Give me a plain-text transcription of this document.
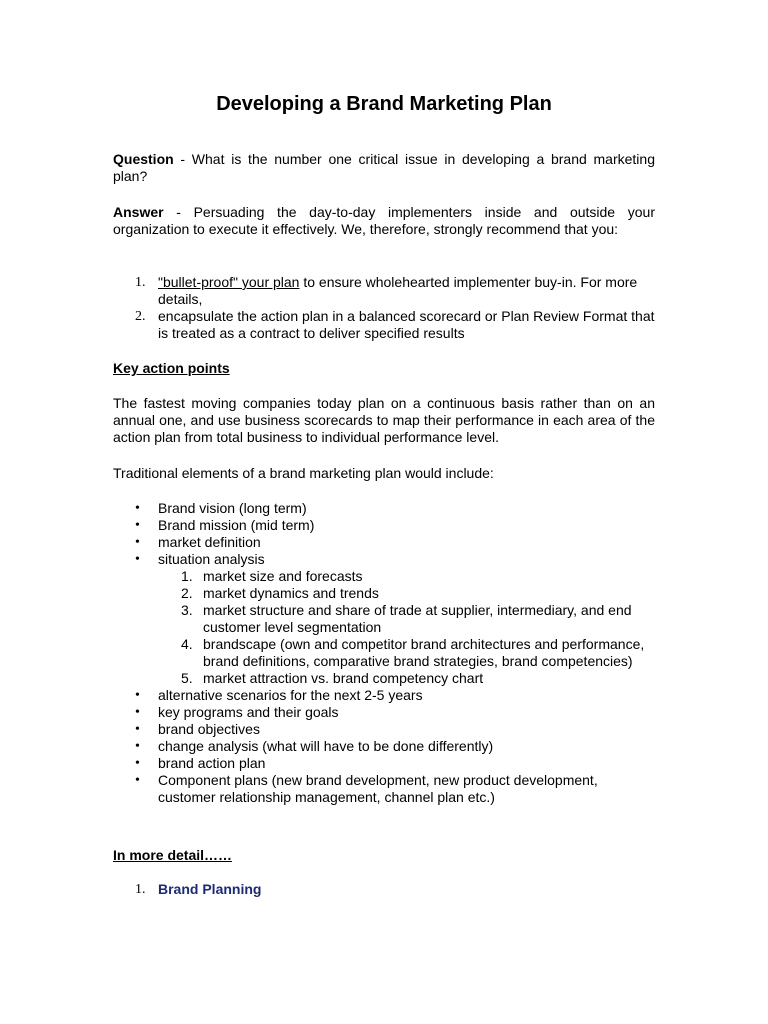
Developing a Brand Marketing Plan

Question - What is the number one critical issue in developing a brand marketing plan?

Answer - Persuading the day-to-day implementers inside and outside your organization to execute it effectively. We, therefore, strongly recommend that you:

1. "bullet-proof" your plan to ensure wholehearted implementer buy-in. For more details,
2. encapsulate the action plan in a balanced scorecard or Plan Review Format that is treated as a contract to deliver specified results

Key action points

The fastest moving companies today plan on a continuous basis rather than on an annual one, and use business scorecards to map their performance in each area of the action plan from total business to individual performance level.

Traditional elements of a brand marketing plan would include:

• Brand vision (long term)
• Brand mission (mid term)
• market definition
• situation analysis
1. market size and forecasts
2. market dynamics and trends
3. market structure and share of trade at supplier, intermediary, and end customer level segmentation
4. brandscape (own and competitor brand architectures and performance, brand definitions, comparative brand strategies, brand competencies)
5. market attraction vs. brand competency chart
• alternative scenarios for the next 2-5 years
• key programs and their goals
• brand objectives
• change analysis (what will have to be done differently)
• brand action plan
• Component plans (new brand development, new product development, customer relationship management, channel plan etc.)

In more detail……

1. Brand Planning
